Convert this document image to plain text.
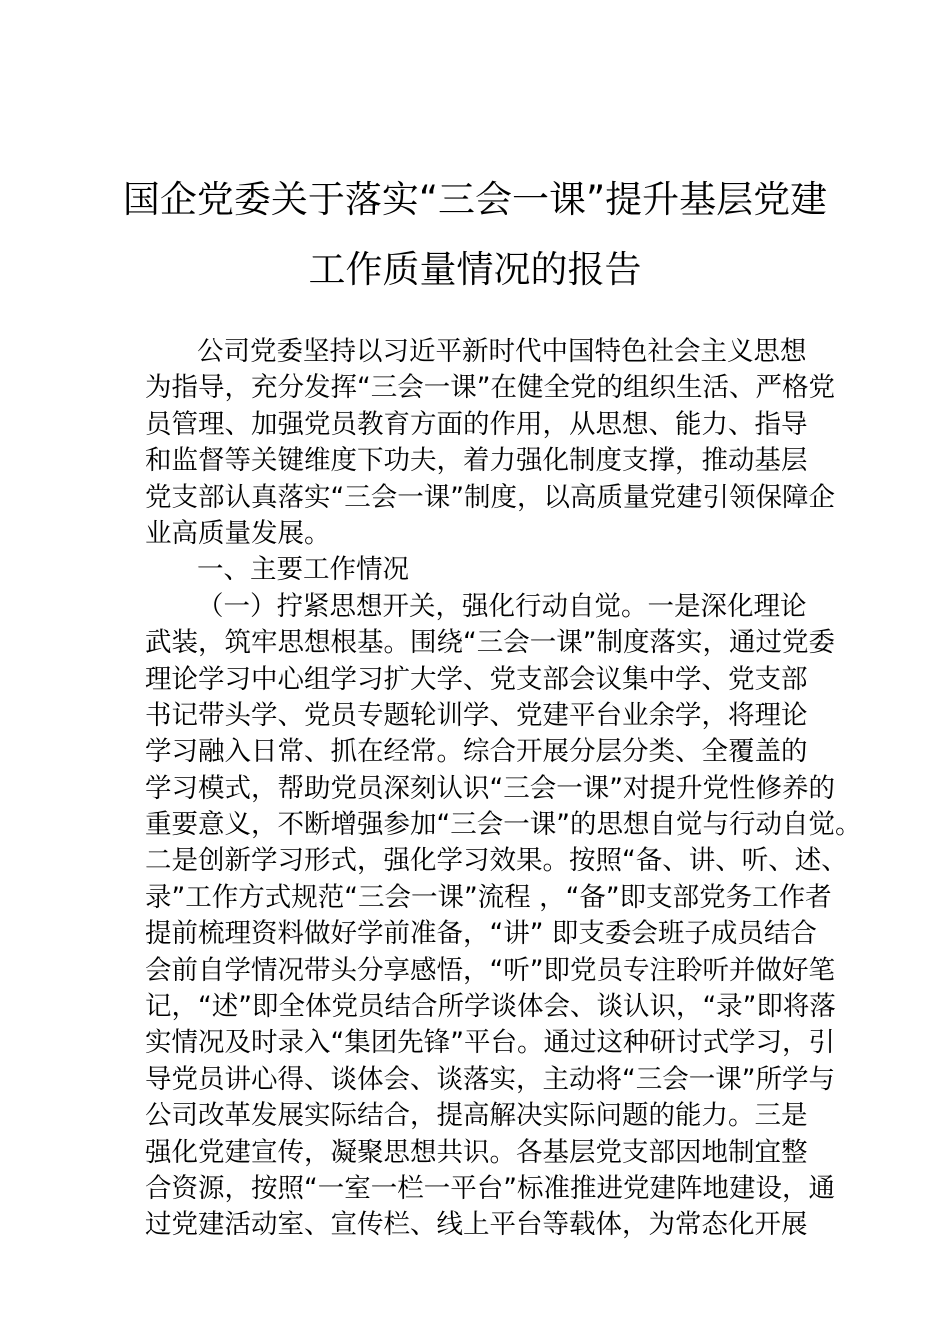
国企党委关于落实“三会一课”提升基层党建
工作质量情况的报告
公司党委坚持以习近平新时代中国特色社会主义思想
为指导，充分发挥“三会一课”在健全党的组织生活、严格党
员管理、加强党员教育方面的作用，从思想、能力、指导
和监督等关键维度下功夫，着力强化制度支撑，推动基层
党支部认真落实“三会一课”制度，以高质量党建引领保障企
业高质量发展。
一、主要工作情况
（一）拧紧思想开关，强化行动自觉。一是深化理论
武装，筑牢思想根基。围绕“三会一课”制度落实，通过党委
理论学习中心组学习扩大学、党支部会议集中学、党支部
书记带头学、党员专题轮训学、党建平台业余学，将理论
学习融入日常、抓在经常。综合开展分层分类、全覆盖的
学习模式，帮助党员深刻认识“三会一课”对提升党性修养的
重要意义，不断增强参加“三会一课”的思想自觉与行动自觉。
二是创新学习形式，强化学习效果。按照“备、讲、听、述、
录”工作方式规范“三会一课”流程 ，“备”即支部党务工作者
提前梳理资料做好学前准备，“讲” 即支委会班子成员结合
会前自学情况带头分享感悟，“听”即党员专注聆听并做好笔
记，“述”即全体党员结合所学谈体会、谈认识，“录”即将落
实情况及时录入“集团先锋”平台。通过这种研讨式学习，引
导党员讲心得、谈体会、谈落实，主动将“三会一课”所学与
公司改革发展实际结合，提高解决实际问题的能力。三是
强化党建宣传，凝聚思想共识。各基层党支部因地制宜整
合资源，按照“一室一栏一平台”标准推进党建阵地建设，通
过党建活动室、宣传栏、线上平台等载体，为常态化开展
